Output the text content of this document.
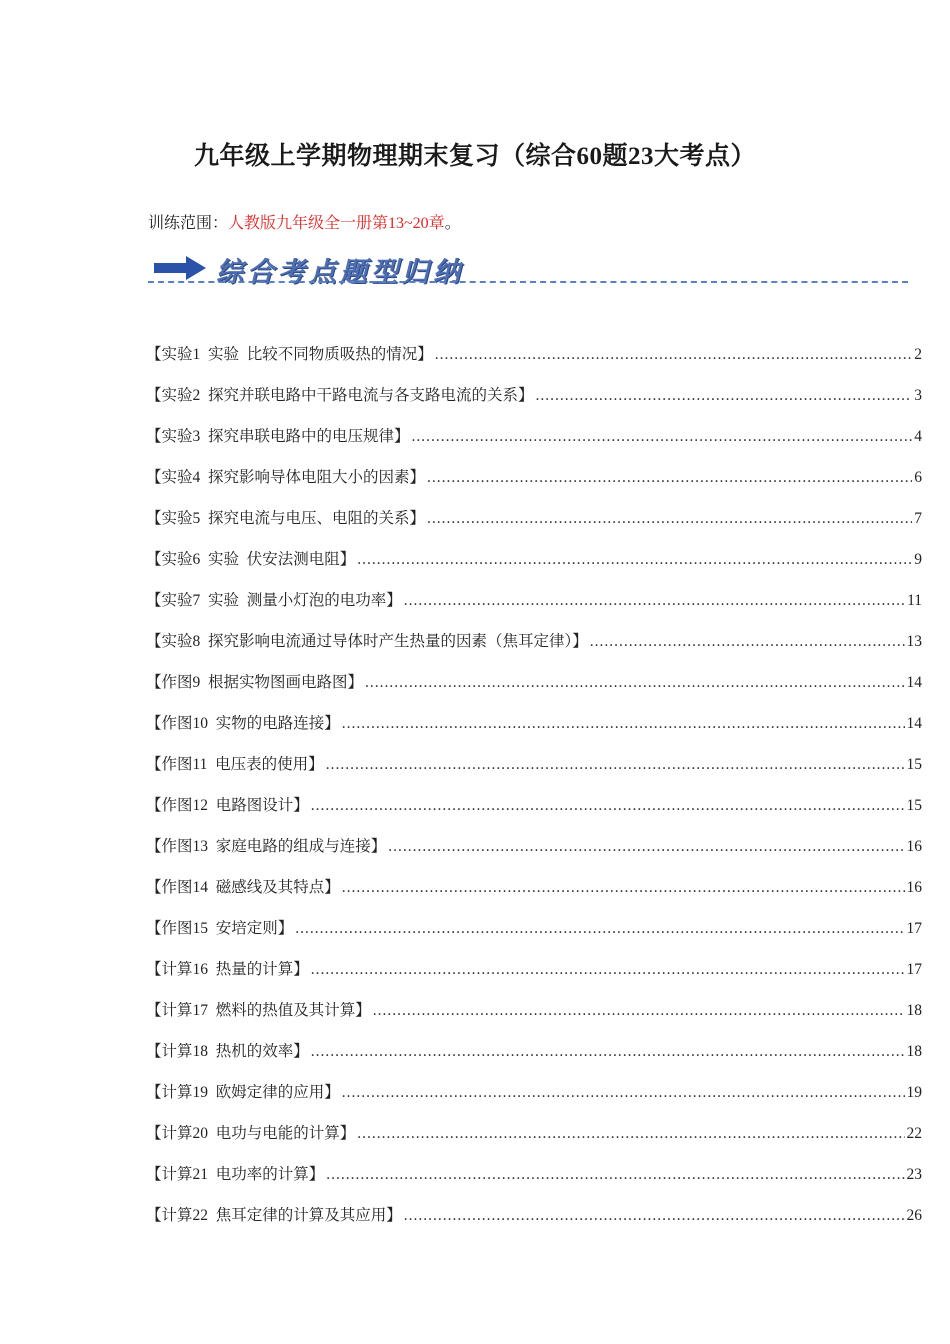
九年级上学期物理期末复习（综合60题23大考点）
训练范围：人教版九年级全一册第13~20章。
综合考点题型归纳
【实验1  实验  比较不同物质吸热的情况】 .....	2
【实验2  探究并联电路中干路电流与各支路电流的关系】 .....	3
【实验3  探究串联电路中的电压规律】 .....	4
【实验4  探究影响导体电阻大小的因素】 .....	6
【实验5  探究电流与电压、电阻的关系】 .....	7
【实验6  实验  伏安法测电阻】 .....	9
【实验7  实验  测量小灯泡的电功率】 .....	11
【实验8  探究影响电流通过导体时产生热量的因素（焦耳定律）】 .....	13
【作图9  根据实物图画电路图】 .....	14
【作图10  实物的电路连接】 .....	14
【作图11  电压表的使用】 .....	15
【作图12  电路图设计】 .....	15
【作图13  家庭电路的组成与连接】 .....	16
【作图14  磁感线及其特点】 .....	16
【作图15  安培定则】 .....	17
【计算16  热量的计算】 .....	17
【计算17  燃料的热值及其计算】 .....	18
【计算18  热机的效率】 .....	18
【计算19  欧姆定律的应用】 .....	19
【计算20  电功与电能的计算】 .....	22
【计算21  电功率的计算】 .....	23
【计算22  焦耳定律的计算及其应用】 .....	26
